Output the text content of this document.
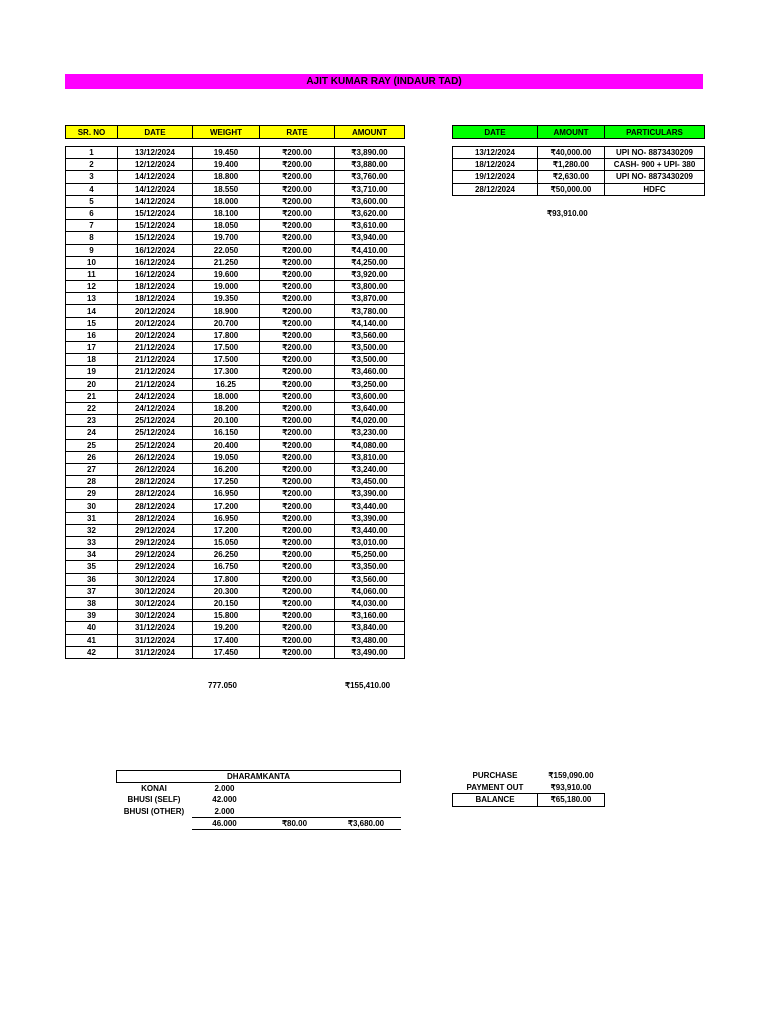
AJIT KUMAR RAY (INDAUR TAD)
SR. NO	DATE	WEIGHT	RATE	AMOUNT
1	13/12/2024	19.450	₹200.00	₹3,890.00
2	12/12/2024	19.400	₹200.00	₹3,880.00
3	14/12/2024	18.800	₹200.00	₹3,760.00
4	14/12/2024	18.550	₹200.00	₹3,710.00
5	14/12/2024	18.000	₹200.00	₹3,600.00
6	15/12/2024	18.100	₹200.00	₹3,620.00
7	15/12/2024	18.050	₹200.00	₹3,610.00
8	15/12/2024	19.700	₹200.00	₹3,940.00
9	16/12/2024	22.050	₹200.00	₹4,410.00
10	16/12/2024	21.250	₹200.00	₹4,250.00
11	16/12/2024	19.600	₹200.00	₹3,920.00
12	18/12/2024	19.000	₹200.00	₹3,800.00
13	18/12/2024	19.350	₹200.00	₹3,870.00
14	20/12/2024	18.900	₹200.00	₹3,780.00
15	20/12/2024	20.700	₹200.00	₹4,140.00
16	20/12/2024	17.800	₹200.00	₹3,560.00
17	21/12/2024	17.500	₹200.00	₹3,500.00
18	21/12/2024	17.500	₹200.00	₹3,500.00
19	21/12/2024	17.300	₹200.00	₹3,460.00
20	21/12/2024	16.25	₹200.00	₹3,250.00
21	24/12/2024	18.000	₹200.00	₹3,600.00
22	24/12/2024	18.200	₹200.00	₹3,640.00
23	25/12/2024	20.100	₹200.00	₹4,020.00
24	25/12/2024	16.150	₹200.00	₹3,230.00
25	25/12/2024	20.400	₹200.00	₹4,080.00
26	26/12/2024	19.050	₹200.00	₹3,810.00
27	26/12/2024	16.200	₹200.00	₹3,240.00
28	28/12/2024	17.250	₹200.00	₹3,450.00
29	28/12/2024	16.950	₹200.00	₹3,390.00
30	28/12/2024	17.200	₹200.00	₹3,440.00
31	28/12/2024	16.950	₹200.00	₹3,390.00
32	29/12/2024	17.200	₹200.00	₹3,440.00
33	29/12/2024	15.050	₹200.00	₹3,010.00
34	29/12/2024	26.250	₹200.00	₹5,250.00
35	29/12/2024	16.750	₹200.00	₹3,350.00
36	30/12/2024	17.800	₹200.00	₹3,560.00
37	30/12/2024	20.300	₹200.00	₹4,060.00
38	30/12/2024	20.150	₹200.00	₹4,030.00
39	30/12/2024	15.800	₹200.00	₹3,160.00
40	31/12/2024	19.200	₹200.00	₹3,840.00
41	31/12/2024	17.400	₹200.00	₹3,480.00
42	31/12/2024	17.450	₹200.00	₹3,490.00
777.050	₹155,410.00
DATE	AMOUNT	PARTICULARS
13/12/2024	₹40,000.00	UPI NO- 8873430209
18/12/2024	₹1,280.00	CASH- 900 + UPI- 380
19/12/2024	₹2,630.00	UPI NO- 8873430209
28/12/2024	₹50,000.00	HDFC
₹93,910.00
DHARAMKANTA			
KONAI	2.000		
BHUSI (SELF)	42.000		
BHUSI (OTHER)	2.000		
	46.000	₹80.00	₹3,680.00
PURCHASE	₹159,090.00
PAYMENT OUT	₹93,910.00
BALANCE	₹65,180.00
